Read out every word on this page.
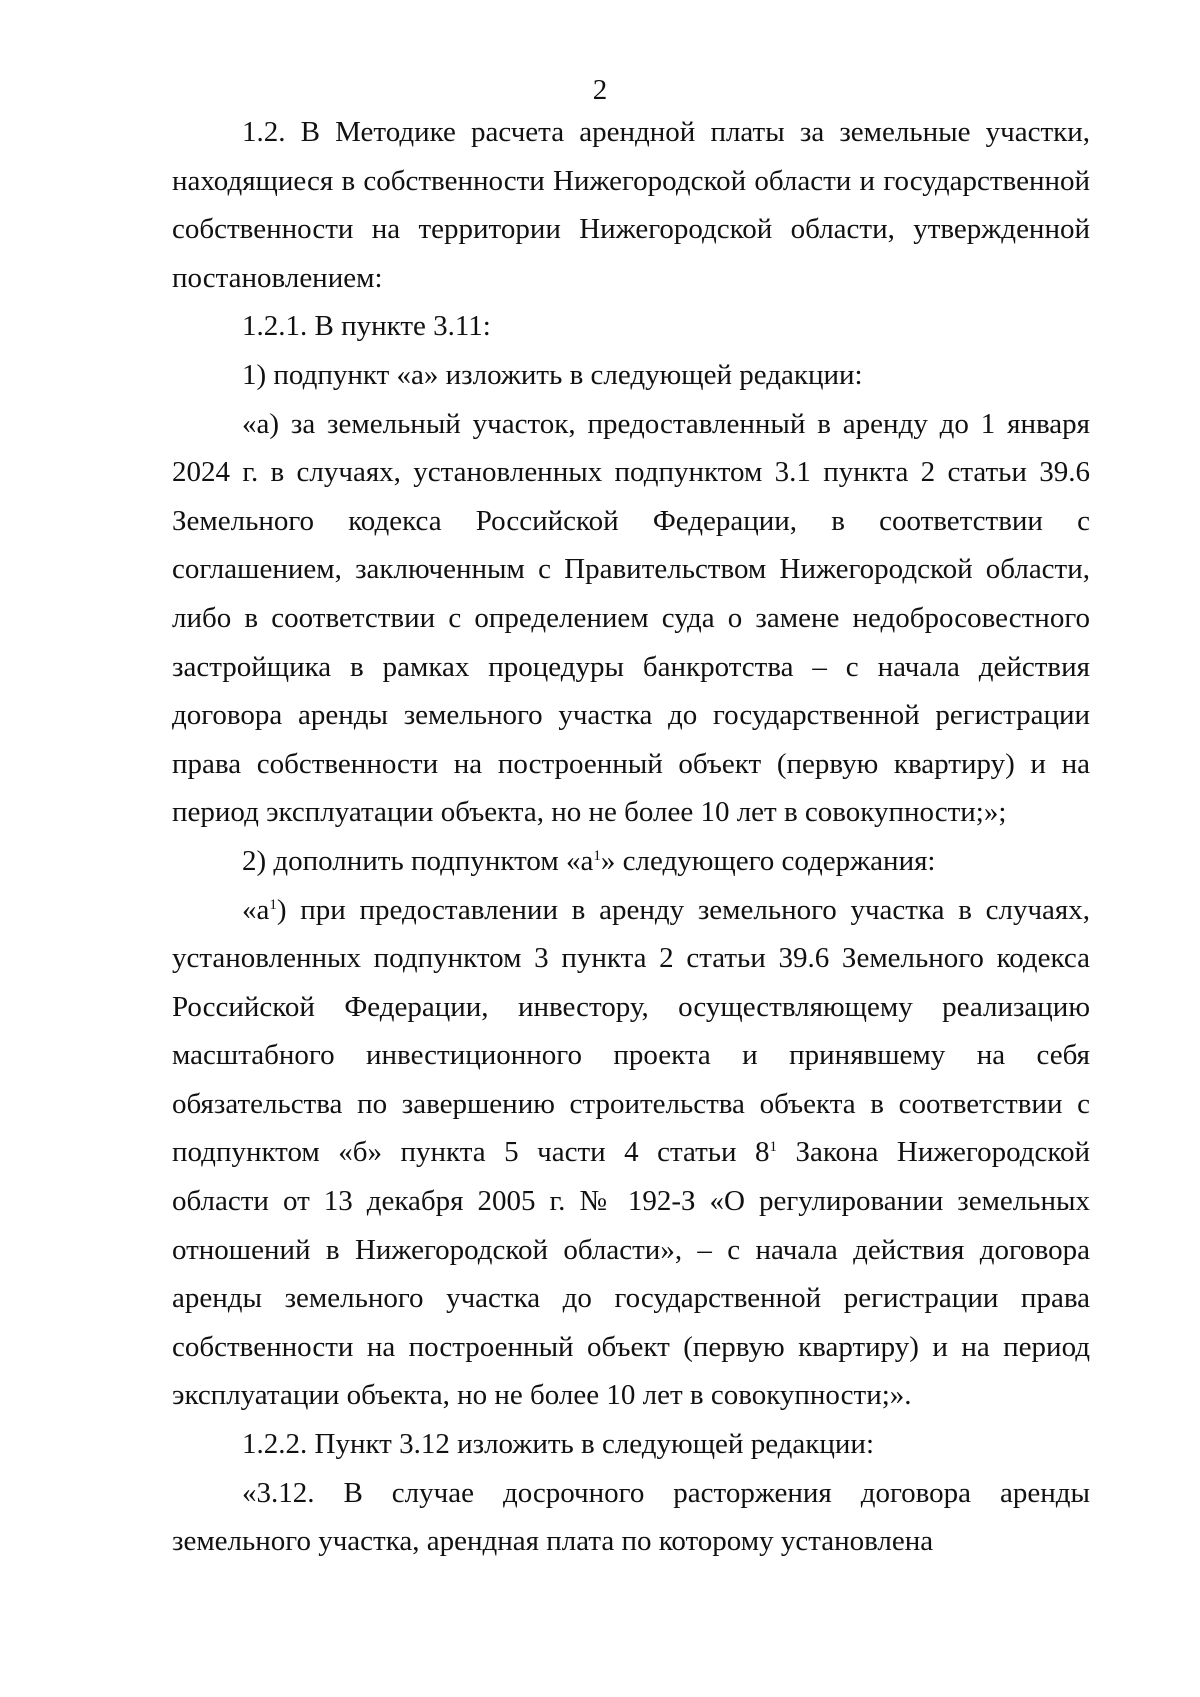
2

1.2. В Методике расчета арендной платы за земельные участки, находящиеся в собственности Нижегородской области и государственной собственности на территории Нижегородской области, утвержденной постановлением:

1.2.1. В пункте 3.11:

1) подпункт «а» изложить в следующей редакции:

«а) за земельный участок, предоставленный в аренду до 1 января 2024 г. в случаях, установленных подпунктом 3.1 пункта 2 статьи 39.6 Земельного кодекса Российской Федерации, в соответствии с соглашением, заключенным с Правительством Нижегородской области, либо в соответствии с определением суда о замене недобросовестного застройщика в рамках процедуры банкротства – с начала действия договора аренды земельного участка до государственной регистрации права собственности на построенный объект (первую квартиру) и на период эксплуатации объекта, но не более 10 лет в совокупности;»;

2) дополнить подпунктом «$а^1$» следующего содержания:

«$а^1$) при предоставлении в аренду земельного участка в случаях, установленных подпунктом 3 пункта 2 статьи 39.6 Земельного кодекса Российской Федерации, инвестору, осуществляющему реализацию масштабного инвестиционного проекта и принявшему на себя обязательства по завершению строительства объекта в соответствии с подпунктом «б» пункта 5 части 4 статьи $8^1$ Закона Нижегородской области от 13 декабря 2005 г. № 192-З «О регулировании земельных отношений в Нижегородской области», – с начала действия договора аренды земельного участка до государственной регистрации права собственности на построенный объект (первую квартиру) и на период эксплуатации объекта, но не более 10 лет в совокупности;».

1.2.2. Пункт 3.12 изложить в следующей редакции:

«3.12. В случае досрочного расторжения договора аренды земельного участка, арендная плата по которому установлена
